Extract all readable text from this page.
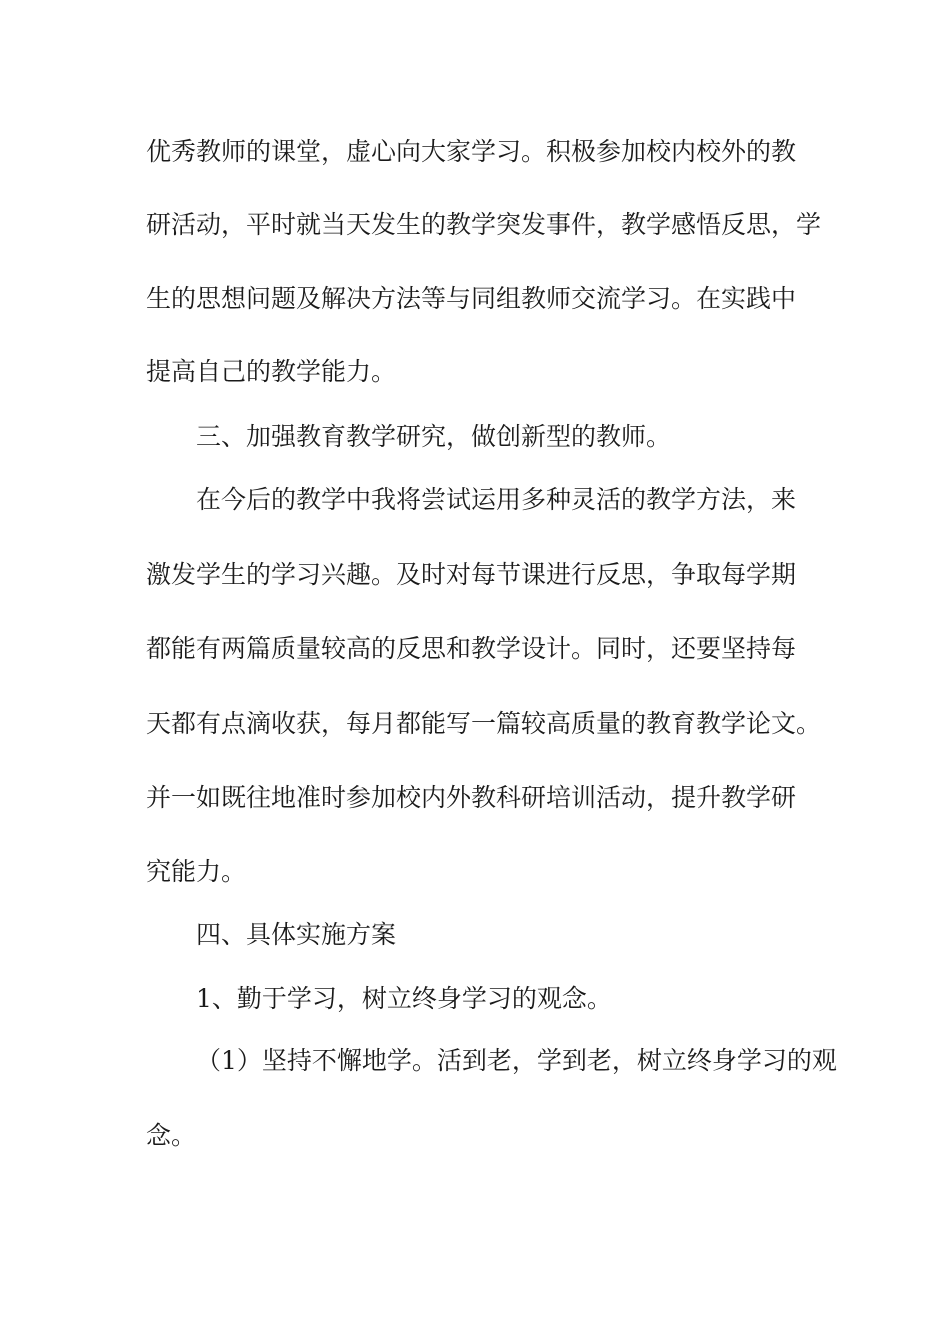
优秀教师的课堂，虚心向大家学习。积极参加校内校外的教
研活动，平时就当天发生的教学突发事件，教学感悟反思，学
生的思想问题及解决方法等与同组教师交流学习。在实践中
提高自己的教学能力。
三、加强教育教学研究，做创新型的教师。
在今后的教学中我将尝试运用多种灵活的教学方法，来
激发学生的学习兴趣。及时对每节课进行反思，争取每学期
都能有两篇质量较高的反思和教学设计。同时，还要坚持每
天都有点滴收获，每月都能写一篇较高质量的教育教学论文。
并一如既往地准时参加校内外教科研培训活动，提升教学研
究能力。
四、具体实施方案
1、勤于学习，树立终身学习的观念。
（1）坚持不懈地学。活到老，学到老，树立终身学习的观
念。
